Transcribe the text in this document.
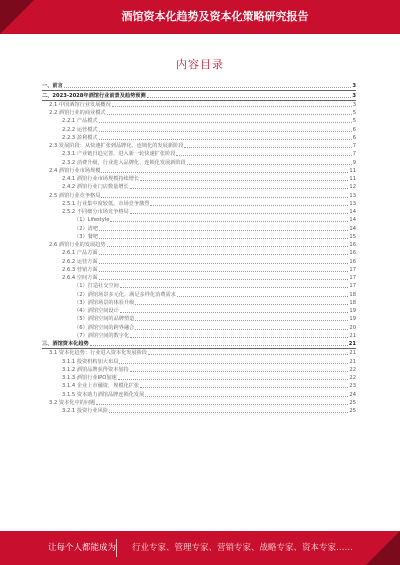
酒馆资本化趋势及资本化策略研究报告
内容目录
一、前言	3
二、2023-2028年酒馆行业前景及趋势预测	3
2.1 中国酒馆行业发展概况	3
2.2 酒馆行业的商业模式	5
2.2.1 产品模式	5
2.2.2 运营模式	6
2.2.3 盈利模式	6
2.3 发展阶段：从快速扩张到品牌化、连锁化的发展新阶段	7
2.3.1 产业链日趋完善，进入新一轮快速扩张阶段	7
2.3.2 消费升级，行业进入品牌化、连锁化发展新阶段	9
2.4 酒馆行业市场规模	11
2.4.1 酒馆行业市场规模持续增长	11
2.4.2 酒馆行业门店数量增长	12
2.5 酒馆行业竞争格局	13
2.5.1 行业集中度较低，市场竞争激烈	13
2.5.2 不同细分市场竞争格局	14
（1）Lifestyle	14
（2）清吧	14
（3）餐吧	15
2.6 酒馆行业的发展趋势	16
2.6.1 产品方面	16
2.6.2 运营方面	16
2.6.3 营销方面	17
2.6.4 空间方面	17
（1）打造社交空间	17
（2）酒馆场景多元化，满足多样化消费需求	18
（3）酒馆场景的体验升级	18
（4）酒馆空间设计	19
（5）酒馆空间的品牌塑造	19
（6）酒馆空间的跨界融合	20
（7）酒馆空间的数字化	21
三、酒馆资本化趋势	21
3.1 资本化趋势：行业进入资本化发展阶段	21
3.1.1 投资机构加大布局	21
3.1.2 酒馆品牌获得资本加持	22
3.1.3 酒馆行业IPO加速	22
3.1.4 企业上市融资，规模化扩张	23
3.1.5 资本助力酒馆品牌连锁化发展	24
3.2 资本化中的问题	25
3.2.1 投资行业风险	25
让每个人都能成为 行业专家、管理专家、营销专家、战略专家、资本专家……
